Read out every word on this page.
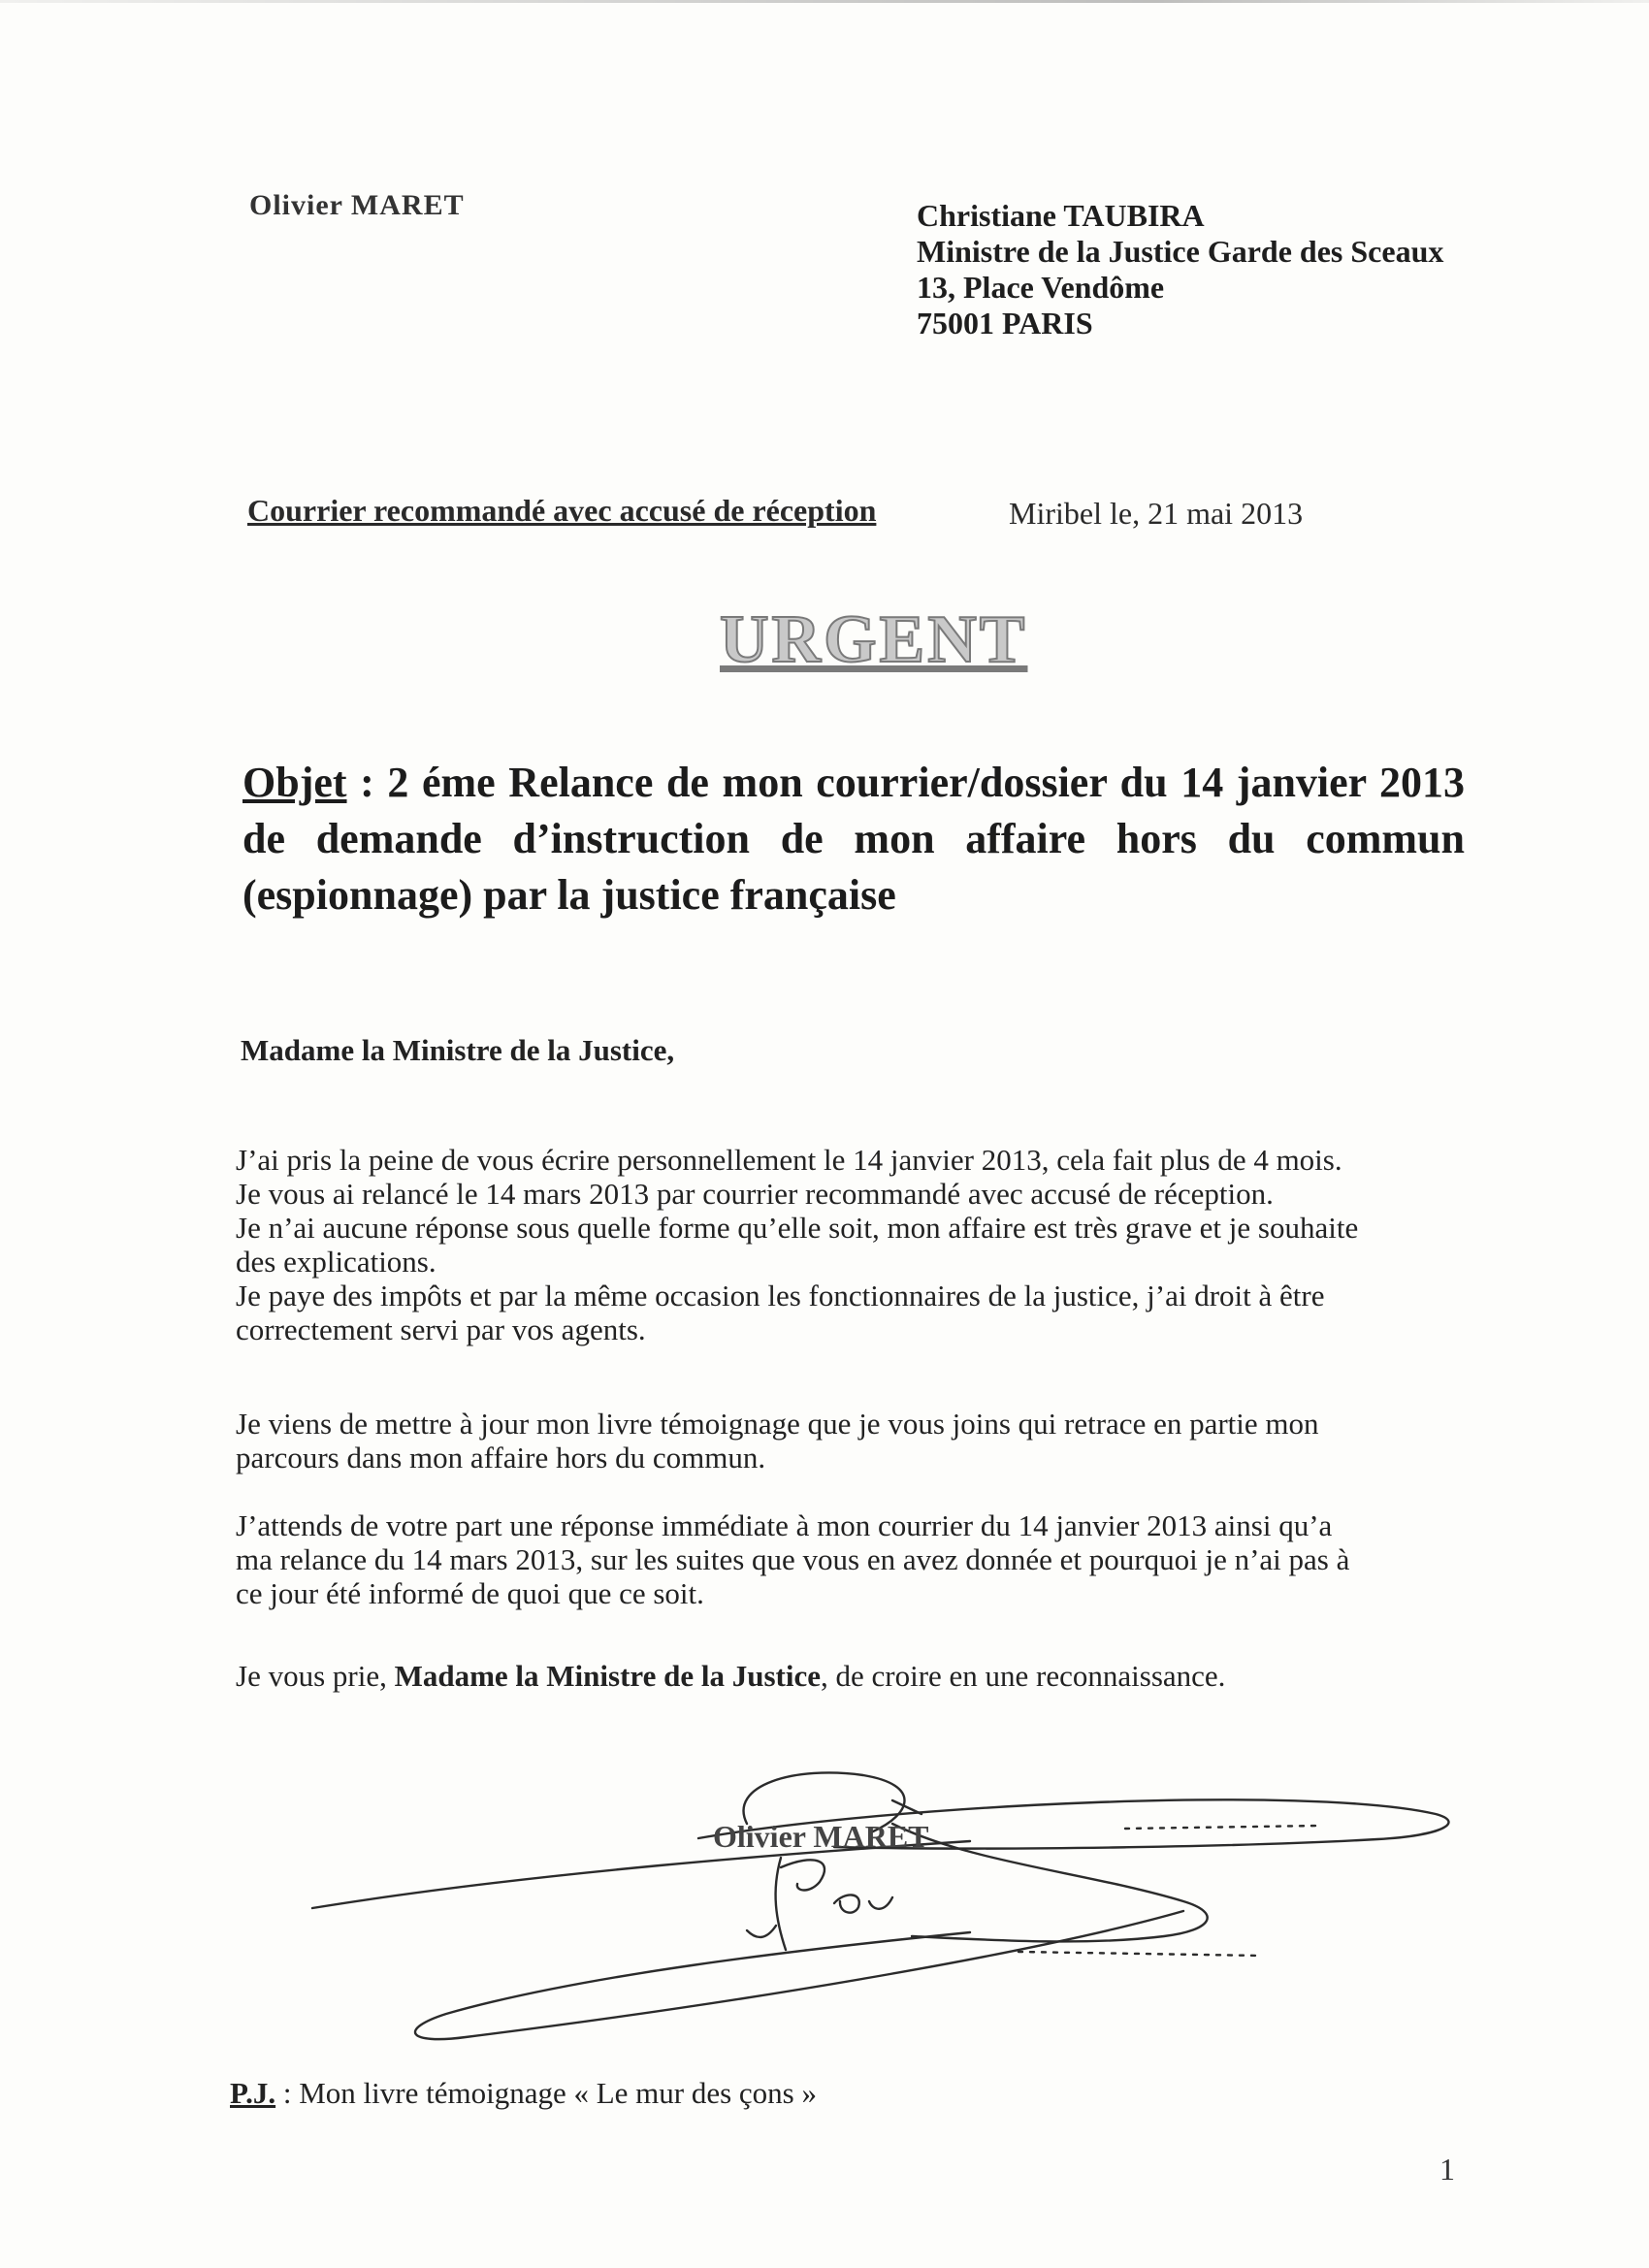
Olivier MARET	Christiane TAUBIRA
Ministre de la Justice Garde des Sceaux
13, Place Vendôme
75001 PARIS
Courrier recommandé avec accusé de réception	Miribel le, 21 mai 2013
URGENT
Objet : 2 éme Relance de mon courrier/dossier du 14 janvier 2013 de demande d’instruction de mon affaire hors du commun (espionnage) par la justice française
Madame la Ministre de la Justice,
J’ai pris la peine de vous écrire personnellement le 14 janvier 2013, cela fait plus de 4 mois.
Je vous ai relancé le 14 mars 2013 par courrier recommandé avec accusé de réception.
Je n’ai aucune réponse sous quelle forme qu’elle soit, mon affaire est très grave et je souhaite
des explications.
Je paye des impôts et par la même occasion les fonctionnaires de la justice, j’ai droit à être
correctement servi par vos agents.
Je viens de mettre à jour mon livre témoignage que je vous joins qui retrace en partie mon
parcours dans mon affaire hors du commun.
J’attends de votre part une réponse immédiate à mon courrier du 14 janvier 2013 ainsi qu’a
ma relance du 14 mars 2013, sur les suites que vous en avez donnée et pourquoi je n’ai pas à
ce jour été informé de quoi que ce soit.
Je vous prie, Madame la Ministre de la Justice, de croire en une reconnaissance.
Olivier MARET
P.J. : Mon livre témoignage « Le mur des çons »
1
